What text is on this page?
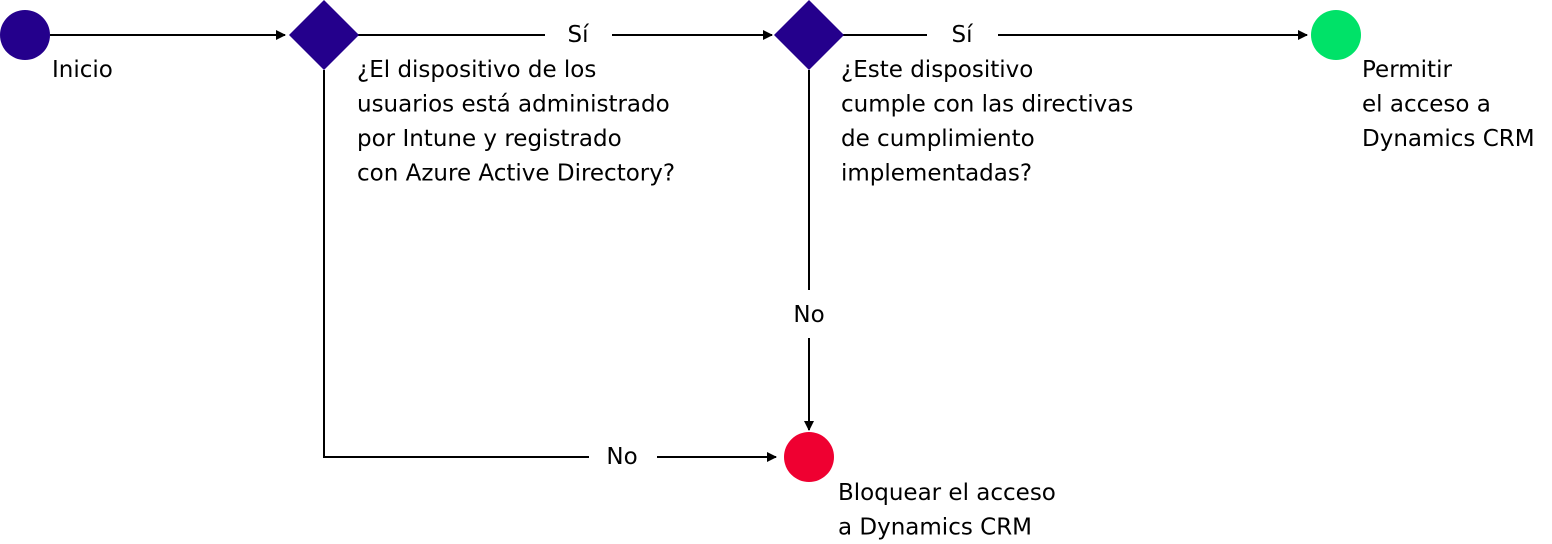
Inicio	¿El dispositivo de los usuarios está administrado por Intune y registrado con Azure Active Directory?
¿Este dispositivo cumple con las directivas de cumplimiento implementadas?
Permitir el acceso a Dynamics CRM
Bloquear el acceso a Dynamics CRM
Sí	Sí
No
No
